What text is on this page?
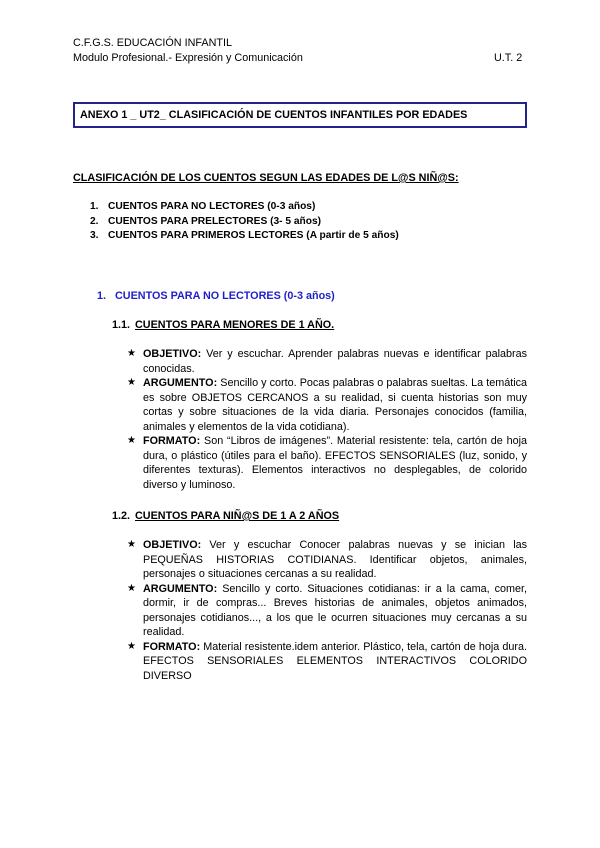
C.F.G.S. EDUCACIÓN INFANTIL
Modulo Profesional.- Expresión y Comunicación	U.T. 2
ANEXO 1 _ UT2_ CLASIFICACIÓN DE CUENTOS INFANTILES POR EDADES
CLASIFICACIÓN DE LOS CUENTOS SEGUN LAS EDADES DE L@S NIÑ@S:
1. CUENTOS PARA NO LECTORES (0-3 años)
2. CUENTOS PARA PRELECTORES (3- 5 años)
3. CUENTOS PARA PRIMEROS LECTORES (A partir de 5 años)
1. CUENTOS PARA NO LECTORES (0-3 años)
1.1. CUENTOS PARA MENORES DE 1 AÑO.
★
OBJETIVO: Ver y escuchar. Aprender palabras nuevas e identificar palabras conocidas.
★
ARGUMENTO: Sencillo y corto. Pocas palabras o palabras sueltas. La temática es sobre OBJETOS CERCANOS a su realidad, si cuenta historias son muy cortas y sobre situaciones de la vida diaria. Personajes conocidos (familia, animales y elementos de la vida cotidiana).
★
FORMATO: Son “Libros de imágenes”. Material resistente: tela, cartón de hoja dura, o plástico (útiles para el baño). EFECTOS SENSORIALES (luz, sonido, y diferentes texturas). Elementos interactivos no desplegables, de colorido diverso y luminoso.
1.2. CUENTOS PARA NIÑ@S DE 1 A 2 AÑOS
★
OBJETIVO: Ver y escuchar Conocer palabras nuevas y se inician las PEQUEÑAS HISTORIAS COTIDIANAS. Identificar objetos, animales, personajes o situaciones cercanas a su realidad.
★
ARGUMENTO: Sencillo y corto. Situaciones cotidianas: ir a la cama, comer, dormir, ir de compras... Breves historias de animales, objetos animados, personajes cotidianos..., a los que le ocurren situaciones muy cercanas a su realidad.
★
FORMATO: Material resistente.idem anterior. Plástico, tela, cartón de hoja dura. EFECTOS SENSORIALES ELEMENTOS INTERACTIVOS COLORIDO DIVERSO
